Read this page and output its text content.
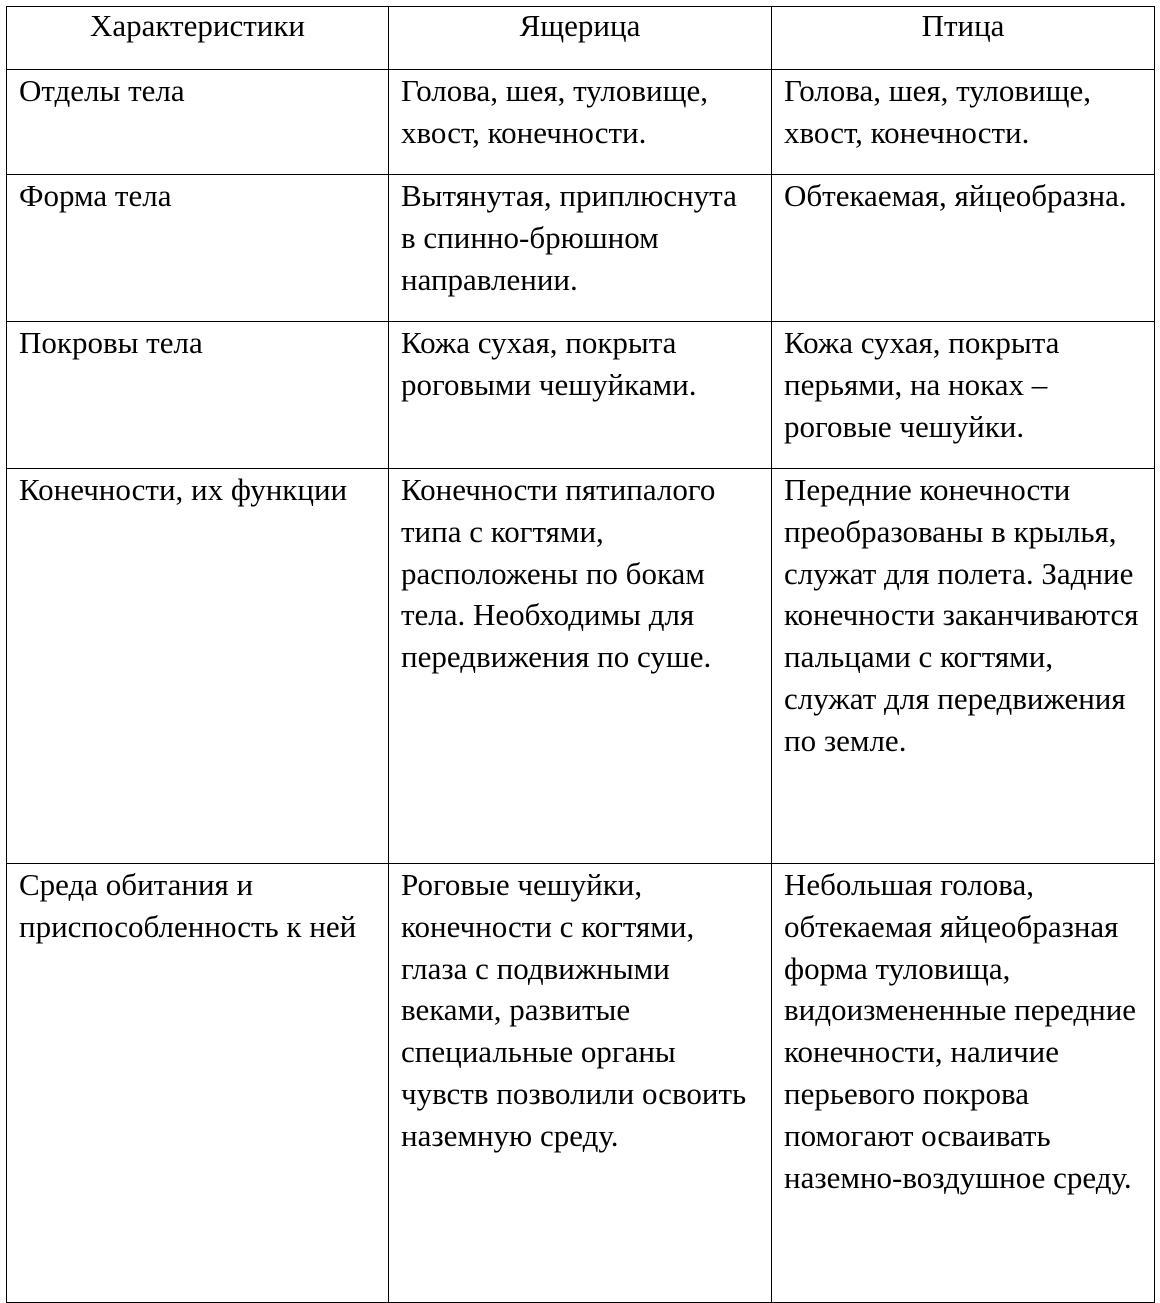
Характеристики	Ящерица	Птица

Отделы тела	Голова, шея, туловище, хвост, конечности.	Голова, шея, туловище, хвост, конечности.

Форма тела	Вытянутая, приплюснута в спинно-брюшном направлении.	Обтекаемая, яйцеобразна.

Покровы тела	Кожа сухая, покрыта роговыми чешуйками.	Кожа сухая, покрыта перьями, на ноках – роговые чешуйки.

Конечности, их функции	Конечности пятипалого типа с когтями, расположены по бокам тела. Необходимы для передвижения по суше.	Передние конечности преобразованы в крылья, служат для полета. Задние конечности заканчиваются пальцами с когтями, служат для передвижения по земле.

Среда обитания и приспособленность к ней	Роговые чешуйки, конечности с когтями, глаза с подвижными веками, развитые специальные органы чувств позволили освоить наземную среду.	Небольшая голова, обтекаемая яйцеобразная форма туловища, видоизмененные передние конечности, наличие перьевого покрова помогают осваивать наземно-воздушное среду.
